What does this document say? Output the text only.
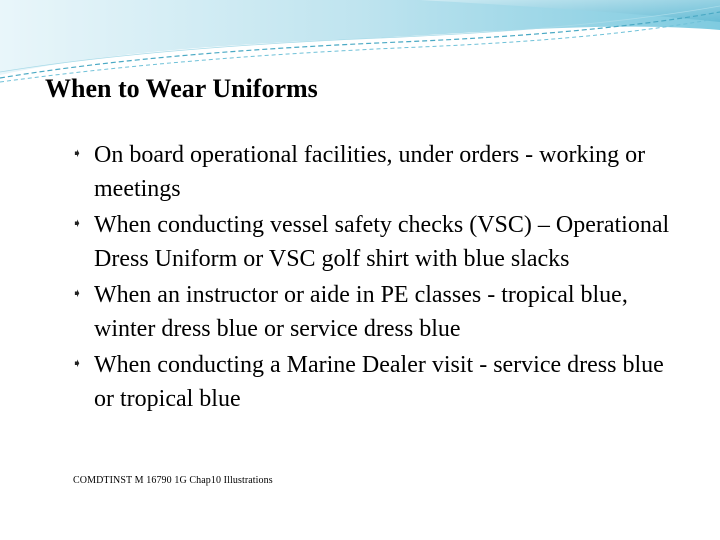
When to Wear Uniforms
➧ On board operational facilities, under orders - working or meetings
➧ When conducting vessel safety checks (VSC) – Operational Dress Uniform or VSC golf shirt with blue slacks
➧ When an instructor or aide in PE classes - tropical blue, winter dress blue or service dress blue
➧ When conducting a Marine Dealer visit - service dress blue or tropical blue
COMDTINST M 16790 1G Chap10 Illustrations
